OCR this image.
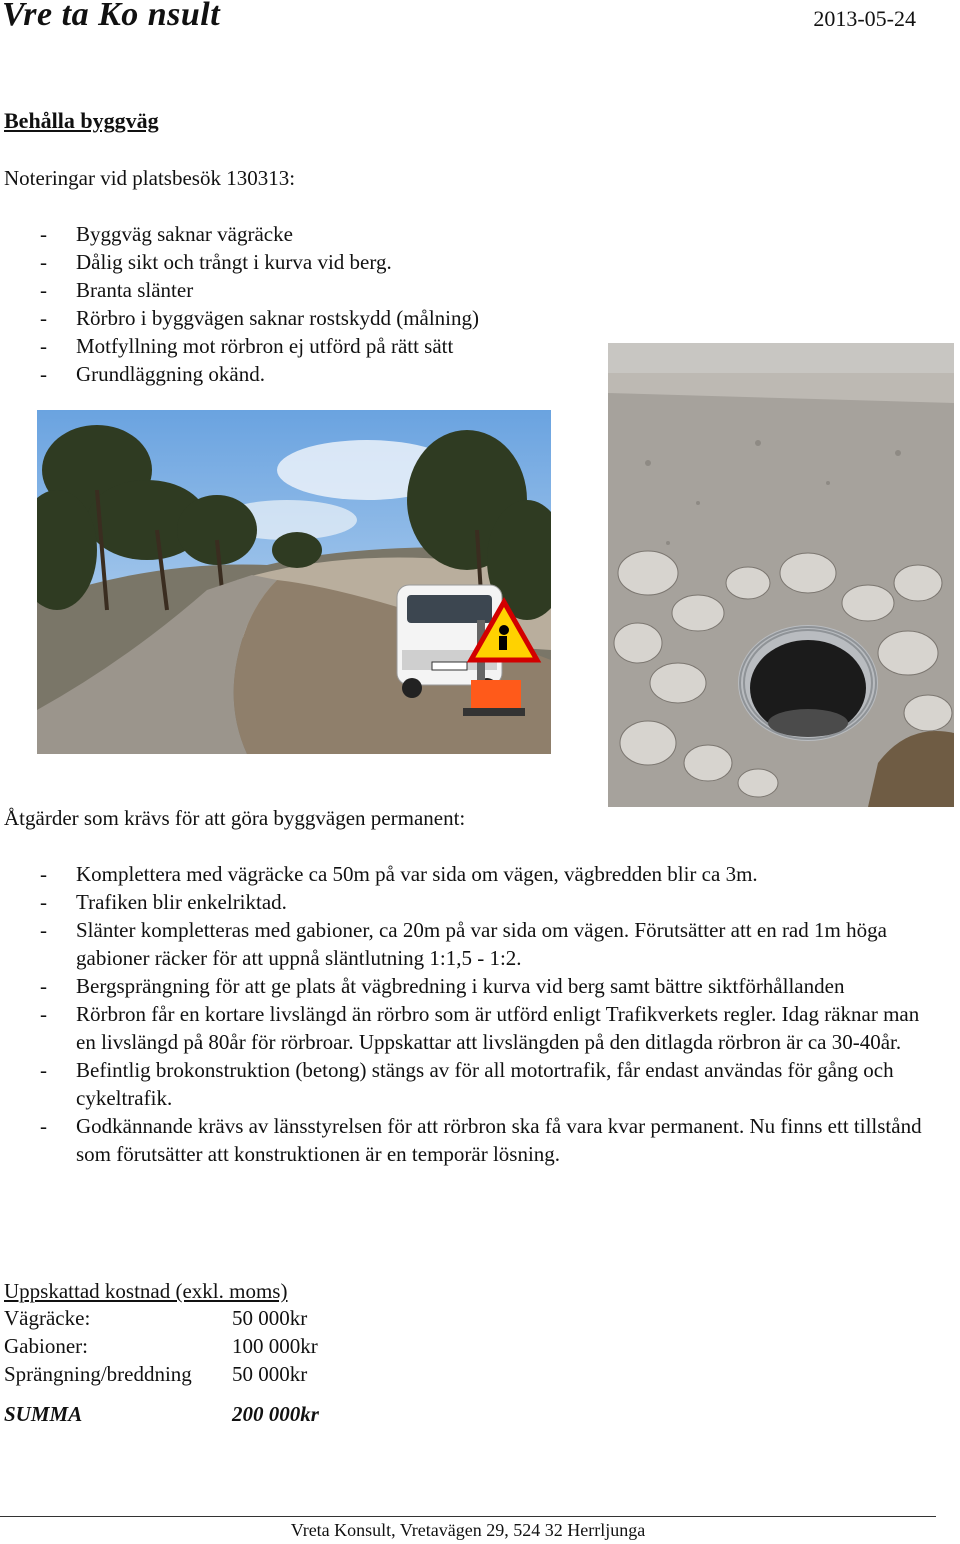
Vre ta Ko nsult	2013-05-24
Behålla byggväg
Noteringar vid platsbesök 130313:
- Byggväg saknar vägräcke
- Dålig sikt och trångt i kurva vid berg.
- Branta slänter
- Rörbro i byggvägen saknar rostskydd (målning)
- Motfyllning mot rörbron ej utförd på rätt sätt
- Grundläggning okänd.
Åtgärder som krävs för att göra byggvägen permanent:
- Komplettera med vägräcke ca 50m på var sida om vägen, vägbredden blir ca 3m.
- Trafiken blir enkelriktad.
- Slänter kompletteras med gabioner, ca 20m på var sida om vägen. Förutsätter att en rad 1m höga gabioner räcker för att uppnå släntlutning 1:1,5 - 1:2.
- Bergsprängning för att ge plats åt vägbredning i kurva vid berg samt bättre siktförhållanden
- Rörbron får en kortare livslängd än rörbro som är utförd enligt Trafikverkets regler. Idag räknar man en livslängd på 80år för rörbroar. Uppskattar att livslängden på den ditlagda rörbron är ca 30-40år.
- Befintlig brokonstruktion (betong) stängs av för all motortrafik, får endast användas för gång och cykeltrafik.
- Godkännande krävs av länsstyrelsen för att rörbron ska få vara kvar permanent. Nu finns ett tillstånd som förutsätter att konstruktionen är en temporär lösning.
Uppskattad kostnad (exkl. moms)
Vägräcke:	50 000kr
Gabioner:	100 000kr
Sprängning/breddning	50 000kr
SUMMA	200 000kr
Vreta Konsult, Vretavägen 29, 524 32 Herrljunga
